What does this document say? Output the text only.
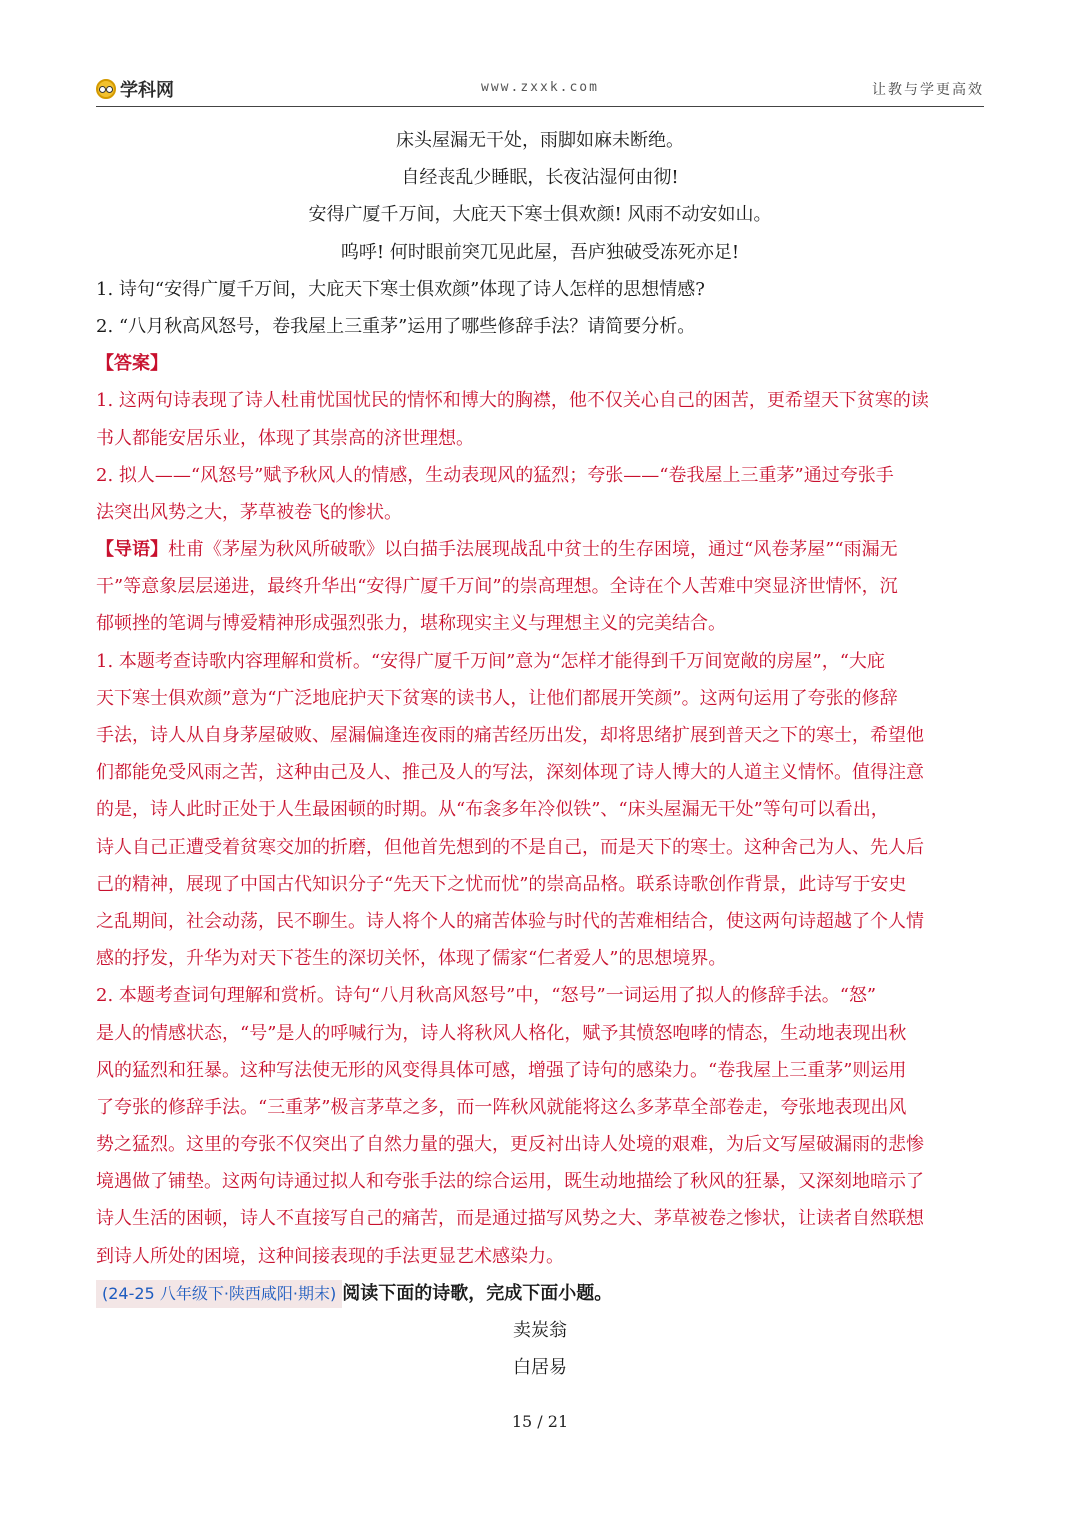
学科网	www.zxxk.com	让教与学更高效
床头屋漏无干处，雨脚如麻未断绝。
自经丧乱少睡眠，长夜沾湿何由彻!
安得广厦千万间，大庇天下寒士俱欢颜! 风雨不动安如山。
呜呼! 何时眼前突兀见此屋，吾庐独破受冻死亦足!
1. 诗句“安得广厦千万间，大庇天下寒士俱欢颜”体现了诗人怎样的思想情感?
2. “八月秋高风怒号，卷我屋上三重茅”运用了哪些修辞手法？请简要分析。
【答案】
1. 这两句诗表现了诗人杜甫忧国忧民的情怀和博大的胸襟，他不仅关心自己的困苦，更希望天下贫寒的读
书人都能安居乐业，体现了其崇高的济世理想。
2. 拟人——“风怒号”赋予秋风人的情感，生动表现风的猛烈；夸张——“卷我屋上三重茅”通过夸张手
法突出风势之大，茅草被卷飞的惨状。
【导语】杜甫《茅屋为秋风所破歌》以白描手法展现战乱中贫士的生存困境，通过“风卷茅屋”“雨漏无
干”等意象层层递进，最终升华出“安得广厦千万间”的崇高理想。全诗在个人苦难中突显济世情怀，沉
郁顿挫的笔调与博爱精神形成强烈张力，堪称现实主义与理想主义的完美结合。
1. 本题考查诗歌内容理解和赏析。“安得广厦千万间”意为“怎样才能得到千万间宽敞的房屋”，“大庇
天下寒士俱欢颜”意为“广泛地庇护天下贫寒的读书人，让他们都展开笑颜”。这两句运用了夸张的修辞
手法，诗人从自身茅屋破败、屋漏偏逢连夜雨的痛苦经历出发，却将思绪扩展到普天之下的寒士，希望他
们都能免受风雨之苦，这种由己及人、推己及人的写法，深刻体现了诗人博大的人道主义情怀。值得注意
的是，诗人此时正处于人生最困顿的时期。从“布衾多年冷似铁”、“床头屋漏无干处”等句可以看出，
诗人自己正遭受着贫寒交加的折磨，但他首先想到的不是自己，而是天下的寒士。这种舍己为人、先人后
己的精神，展现了中国古代知识分子“先天下之忧而忧”的崇高品格。联系诗歌创作背景，此诗写于安史
之乱期间，社会动荡，民不聊生。诗人将个人的痛苦体验与时代的苦难相结合，使这两句诗超越了个人情
感的抒发，升华为对天下苍生的深切关怀，体现了儒家“仁者爱人”的思想境界。
2. 本题考查词句理解和赏析。诗句“八月秋高风怒号”中，“怒号”一词运用了拟人的修辞手法。“怒”
是人的情感状态，“号”是人的呼喊行为，诗人将秋风人格化，赋予其愤怒咆哮的情态，生动地表现出秋
风的猛烈和狂暴。这种写法使无形的风变得具体可感，增强了诗句的感染力。“卷我屋上三重茅”则运用
了夸张的修辞手法。“三重茅”极言茅草之多，而一阵秋风就能将这么多茅草全部卷走，夸张地表现出风
势之猛烈。这里的夸张不仅突出了自然力量的强大，更反衬出诗人处境的艰难，为后文写屋破漏雨的悲惨
境遇做了铺垫。这两句诗通过拟人和夸张手法的综合运用，既生动地描绘了秋风的狂暴，又深刻地暗示了
诗人生活的困顿，诗人不直接写自己的痛苦，而是通过描写风势之大、茅草被卷之惨状，让读者自然联想
到诗人所处的困境，这种间接表现的手法更显艺术感染力。
(24-25 八年级下·陕西咸阳·期末) 阅读下面的诗歌，完成下面小题。
卖炭翁
白居易
15 / 21
